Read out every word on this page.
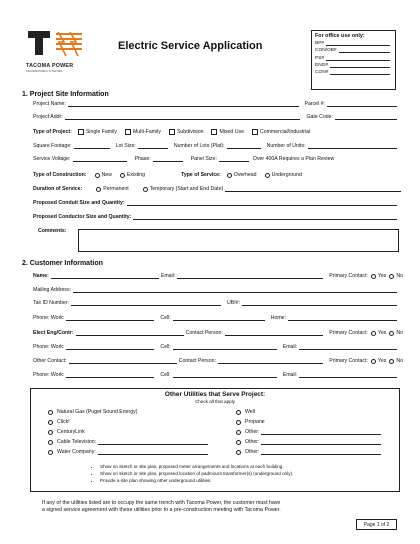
TACOMA POWER
TACOMA PUBLIC UTILITIES
Electric Service Application
For office use only:
BP#
CON/OB#
PS#
ENG#
CON#
1. Project Site Information
Project Name:	Parcel #:
Project Addr:	Gate Code:
Type of Project:	Single Family	Multi-Family	Subdivision	Mixed Use	Commercial/Industrial
Square Footage:	Lot Size:	Number of Lots (Plat):	Number of Units:
Service Voltage:	Phase:	Panel Size:	Over 400A Requires a Plan Review
Type of Construction:	New	Existing	Type of Service:	Overhead	Underground
Duration of Service:	Permanent	Temporary (Start and End Date)
Proposed Conduit Size and Quantity:
Proposed Conductor Size and Quantity:
Comments:
2. Customer Information
Name:	Email:	Primary Contact: Yes No
Mailing Address:
Tax ID Number:	UBI#:
Phone: Work:	Cell:	Home:
Elect Eng/Contr:	Contact Person:	Primary Contact: Yes No
Phone: Work:	Cell:	Email:
Other Contact:	Contact Person:	Primary Contact: Yes No
Phone: Work:	Cell:	Email:
Other Utilities that Serve Project:
Check all that apply
Natural Gas (Puget Sound Energy)
Click!
CenturyLink
Cable Television:
Water Company:
Well
Propane
Other:
Other:
Other:
• Show on sketch or site plan, proposed meter arrangements and locations at each building.
• Show on sketch or site plan, proposed location of padmount transformer(s) (underground only).
• Provide a site plan showing other underground utilities.
If any of the utilities listed are to occupy the same trench with Tacoma Power, the customer must have
a signed service agreement with these utilities prior to a pre-construction meeting with Tacoma Power.
Page 1 of 2
